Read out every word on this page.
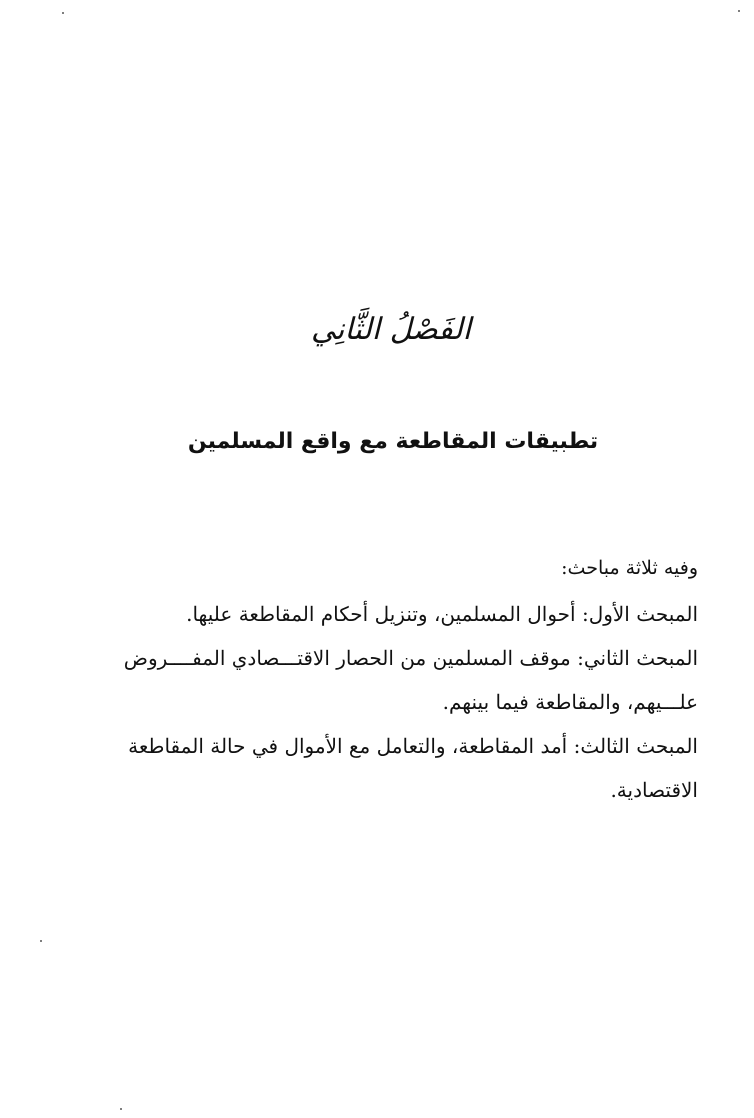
الفَصْلُ الثَّانِي
تطبيقات المقاطعة مع واقع المسلمين
وفيه ثلاثة مباحث:
المبحث الأول: أحوال المسلمين، وتنزيل أحكام المقاطعة عليها.
المبحث الثاني: موقف المسلمين من الحصار الاقتـــصادي المفــــروض علـــيهم، والمقاطعة فيما بينهم.
المبحث الثالث: أمد المقاطعة، والتعامل مع الأموال في حالة المقاطعة الاقتصادية.
